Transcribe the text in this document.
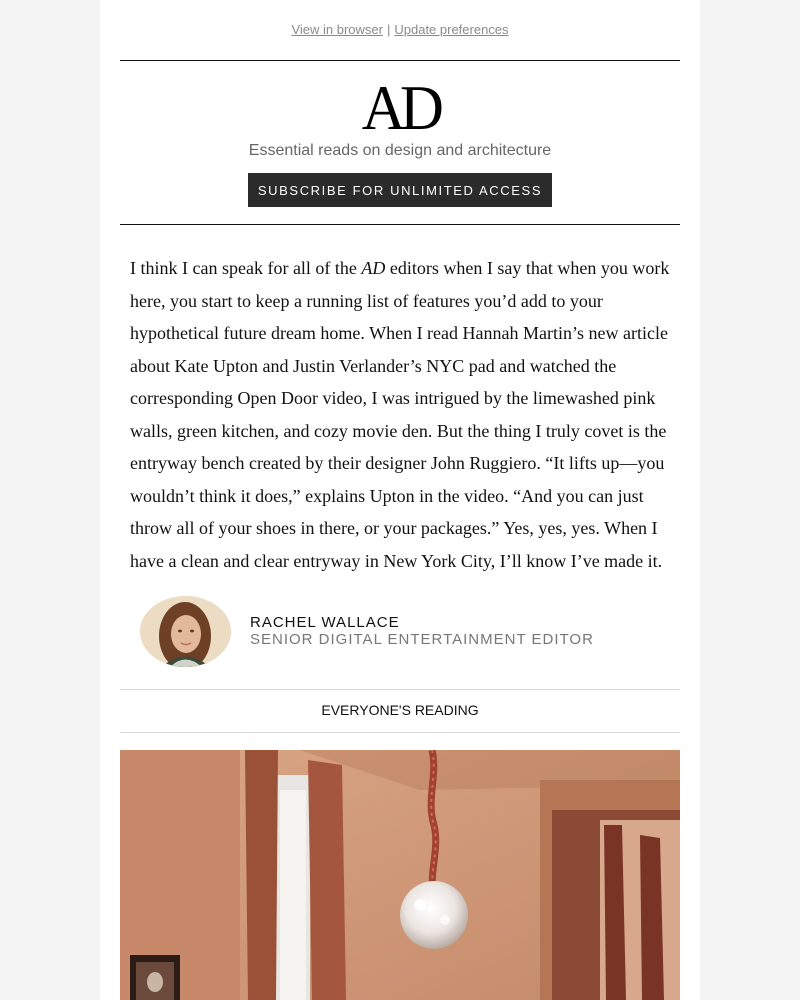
View in browser | Update preferences
AD
Essential reads on design and architecture
SUBSCRIBE FOR UNLIMITED ACCESS

I think I can speak for all of the AD editors when I say that when you work here, you start to keep a running list of features you’d add to your hypothetical future dream home. When I read Hannah Martin’s new article about Kate Upton and Justin Verlander’s NYC pad and watched the corresponding Open Door video, I was intrigued by the limewashed pink walls, green kitchen, and cozy movie den. But the thing I truly covet is the entryway bench created by their designer John Ruggiero. “It lifts up—you wouldn’t think it does,” explains Upton in the video. “And you can just throw all of your shoes in there, or your packages.” Yes, yes, yes. When I have a clean and clear entryway in New York City, I’ll know I’ve made it.

RACHEL WALLACE
SENIOR DIGITAL ENTERTAINMENT EDITOR
EVERYONE'S READING
